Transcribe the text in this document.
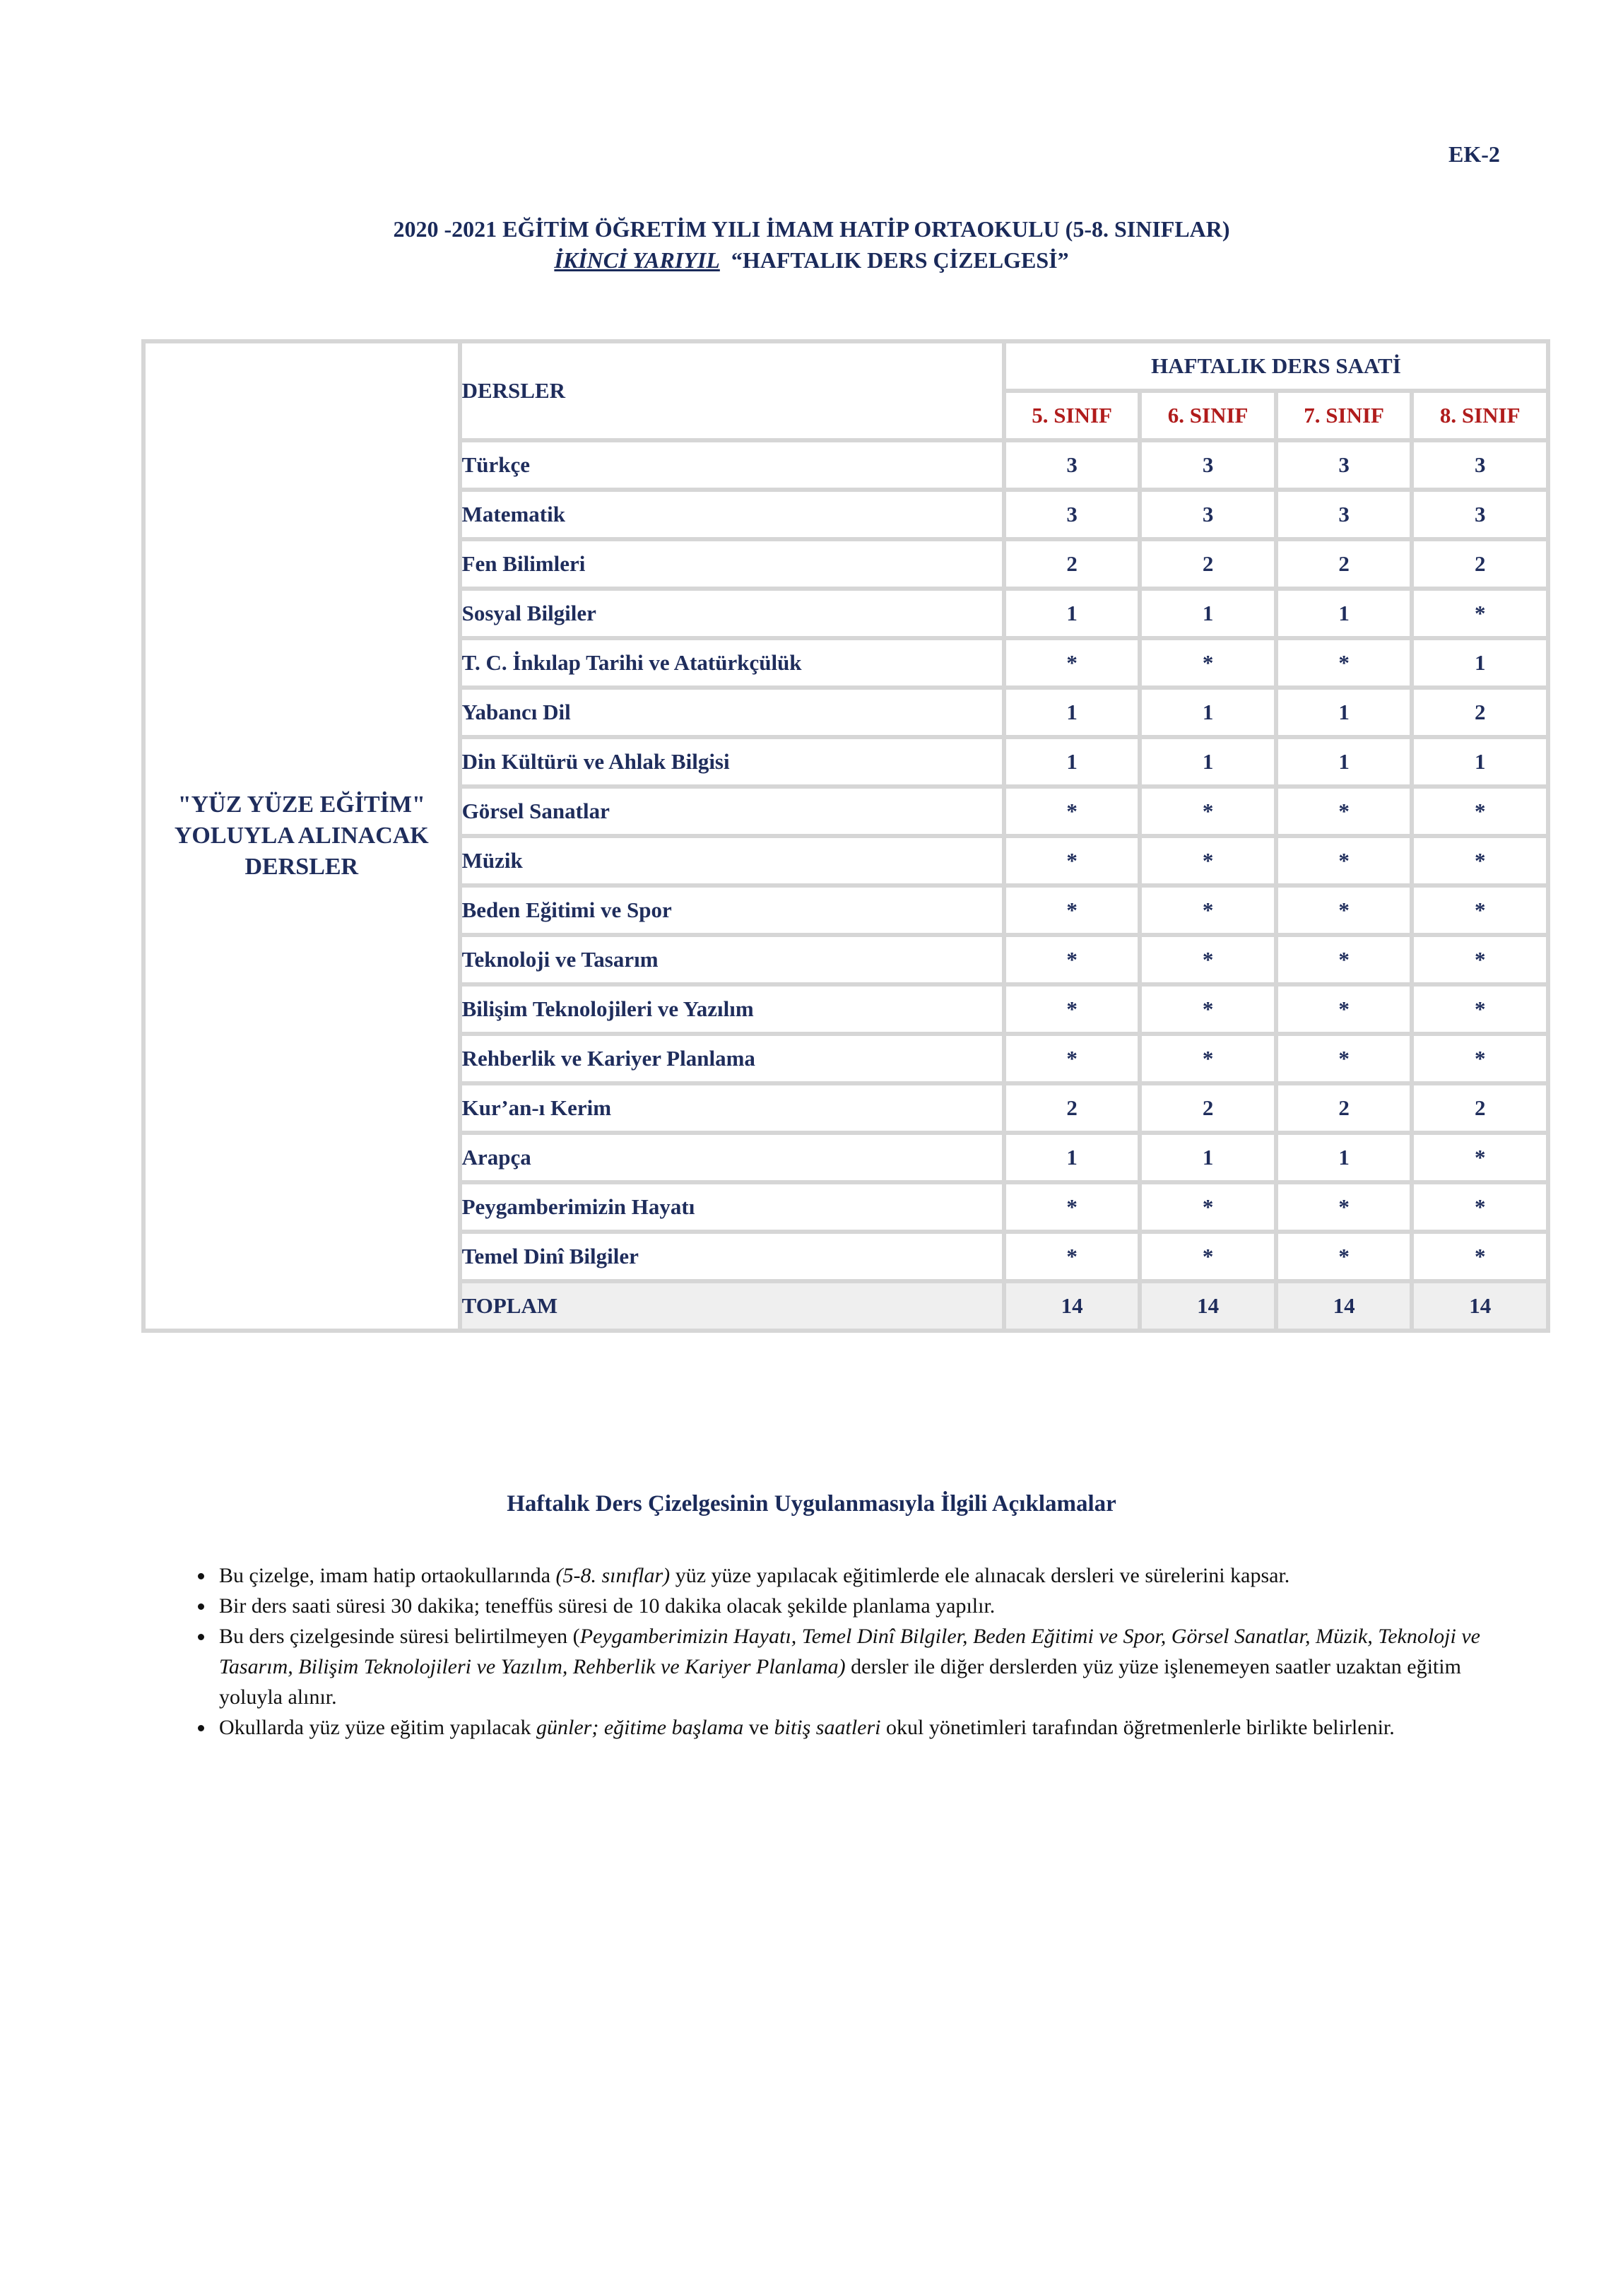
EK-2
2020 -2021 EĞİTİM ÖĞRETİM YILI İMAM HATİP ORTAOKULU (5-8. SINIFLAR)
İKİNCİ YARIYIL “HAFTALIK DERS ÇİZELGESİ”
"YÜZ YÜZE EĞİTİM" YOLUYLA ALINACAK DERSLER	DERSLER	HAFTALIK DERS SAATİ			
		5. SINIF	6. SINIF	7. SINIF	8. SINIF
	Türkçe	3	3	3	3
	Matematik	3	3	3	3
	Fen Bilimleri	2	2	2	2
	Sosyal Bilgiler	1	1	1	*
	T. C. İnkılap Tarihi ve Atatürkçülük	*	*	*	1
	Yabancı Dil	1	1	1	2
	Din Kültürü ve Ahlak Bilgisi	1	1	1	1
	Görsel Sanatlar	*	*	*	*
	Müzik	*	*	*	*
	Beden Eğitimi ve Spor	*	*	*	*
	Teknoloji ve Tasarım	*	*	*	*
	Bilişim Teknolojileri ve Yazılım	*	*	*	*
	Rehberlik ve Kariyer Planlama	*	*	*	*
	Kur’an-ı Kerim	2	2	2	2
	Arapça	1	1	1	*
	Peygamberimizin Hayatı	*	*	*	*
	Temel Dinî Bilgiler	*	*	*	*
	TOPLAM	14	14	14	14
Haftalık Ders Çizelgesinin Uygulanmasıyla İlgili Açıklamalar
• Bu çizelge, imam hatip ortaokullarında (5-8. sınıflar) yüz yüze yapılacak eğitimlerde ele alınacak dersleri ve sürelerini kapsar.
• Bir ders saati süresi 30 dakika; teneffüs süresi de 10 dakika olacak şekilde planlama yapılır.
• Bu ders çizelgesinde süresi belirtilmeyen (Peygamberimizin Hayatı, Temel Dinî Bilgiler, Beden Eğitimi ve Spor, Görsel Sanatlar, Müzik, Teknoloji ve Tasarım, Bilişim Teknolojileri ve Yazılım, Rehberlik ve Kariyer Planlama) dersler ile diğer derslerden yüz yüze işlenemeyen saatler uzaktan eğitim yoluyla alınır.
• Okullarda yüz yüze eğitim yapılacak günler; eğitime başlama ve bitiş saatleri okul yönetimleri tarafından öğretmenlerle birlikte belirlenir.
